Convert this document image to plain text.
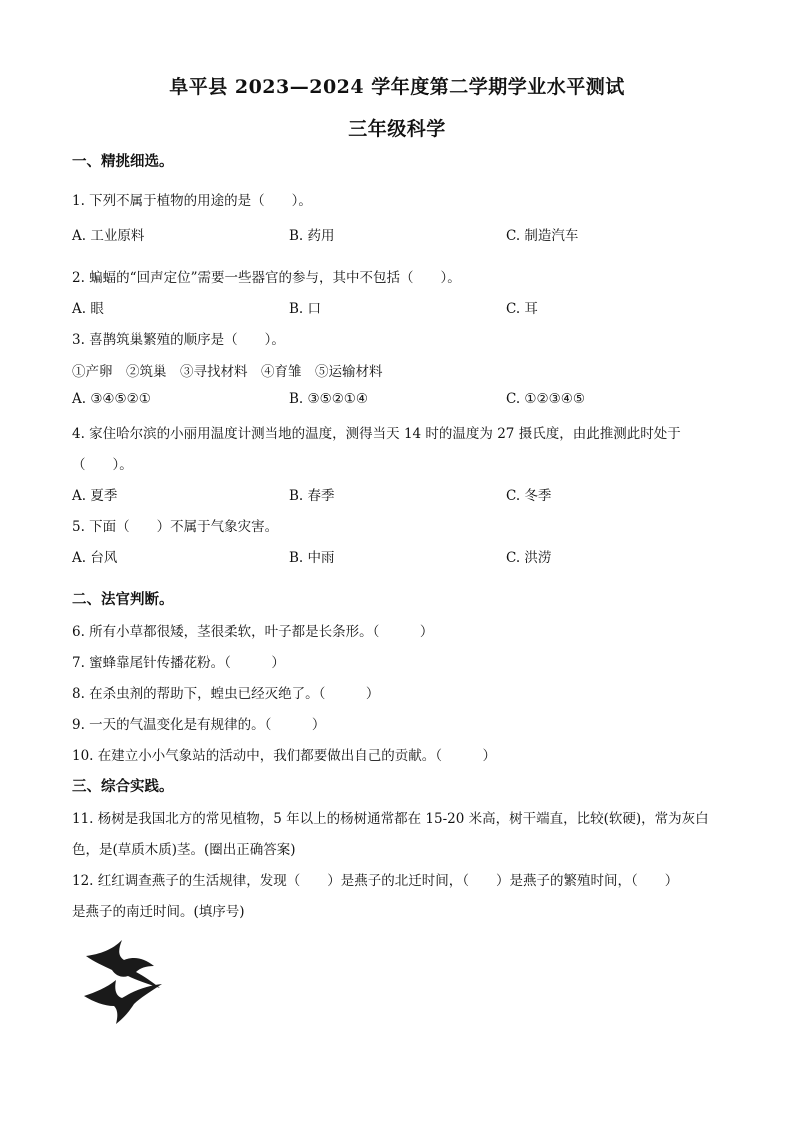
阜平县 2023—2024 学年度第二学期学业水平测试
三年级科学
一、精挑细选。
1. 下列不属于植物的用途的是（　　）。
A. 工业原料	B. 药用	C. 制造汽车
2. 蝙蝠的“回声定位”需要一些器官的参与，其中不包括（　　）。
A. 眼	B. 口	C. 耳
3. 喜鹊筑巢繁殖的顺序是（　　）。
①产卵　②筑巢　③寻找材料　④育雏　⑤运输材料
A. ③④⑤②①	B. ③⑤②①④	C. ①②③④⑤
4. 家住哈尔滨的小丽用温度计测当地的温度，测得当天 14 时的温度为 27 摄氏度，由此推测此时处于
（　　）。
A. 夏季	B. 春季	C. 冬季
5. 下面（　　）不属于气象灾害。
A. 台风	B. 中雨	C. 洪涝
二、法官判断。
6. 所有小草都很矮，茎很柔软，叶子都是长条形。（　　　）
7. 蜜蜂靠尾针传播花粉。（　　　）
8. 在杀虫剂的帮助下，蝗虫已经灭绝了。（　　　）
9. 一天的气温变化是有规律的。（　　　）
10. 在建立小小气象站的活动中，我们都要做出自己的贡献。（　　　）
三、综合实践。
11. 杨树是我国北方的常见植物，5 年以上的杨树通常都在 15-20 米高，树干端直，比较(软硬)，常为灰白
色，是(草质木质)茎。(圈出正确答案)
12. 红红调查燕子的生活规律，发现（　　）是燕子的北迁时间，（　　）是燕子的繁殖时间，（　　）
是燕子的南迁时间。(填序号)
